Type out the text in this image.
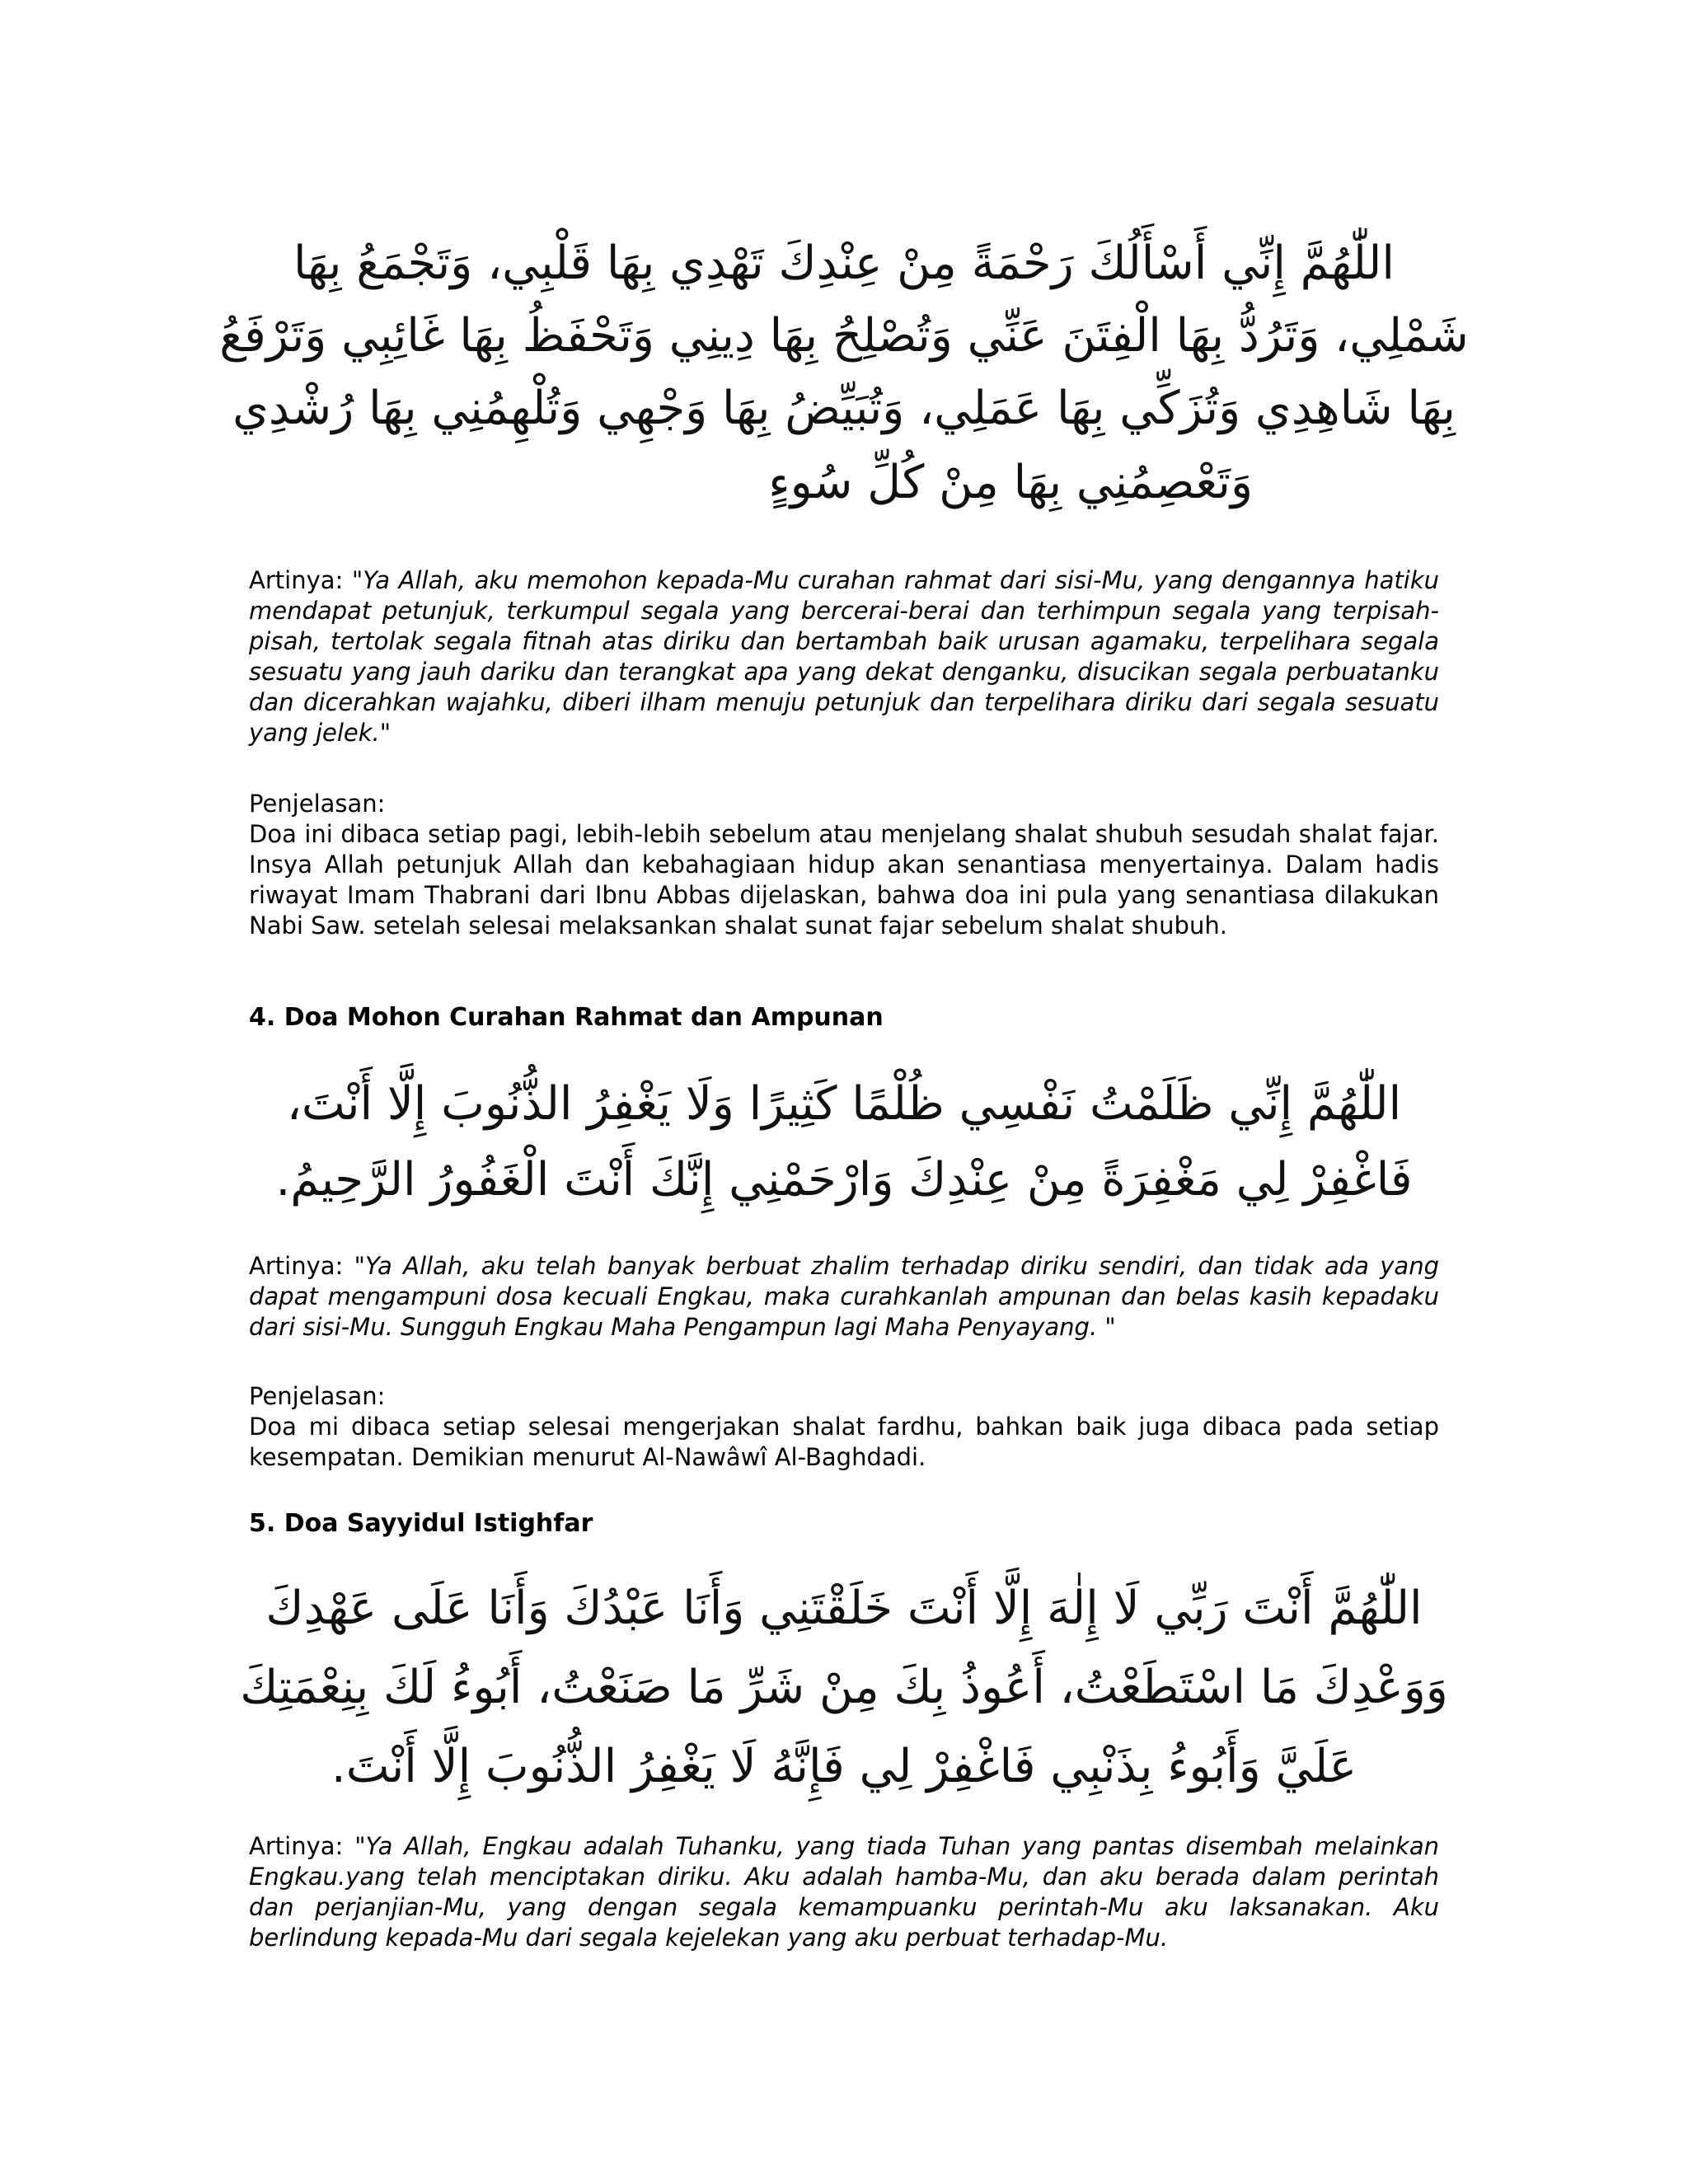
اللّٰهُمَّ إِنِّي أَسْأَلُكَ رَحْمَةً مِنْ عِنْدِكَ تَهْدِي بِهَا قَلْبِي، وَتَجْمَعُ بِهَا
شَمْلِي، وَتَرُدُّ بِهَا الْفِتَنَ عَنِّي وَتُصْلِحُ بِهَا دِينِي وَتَحْفَظُ بِهَا غَائِبِي وَتَرْفَعُ
بِهَا شَاهِدِي وَتُزَكِّي بِهَا عَمَلِي، وَتُبَيِّضُ بِهَا وَجْهِي وَتُلْهِمُنِي بِهَا رُشْدِي
وَتَعْصِمُنِي بِهَا مِنْ كُلِّ سُوءٍ
Artinya: "Ya Allah, aku memohon kepada-Mu curahan rahmat dari sisi-Mu, yang dengannya hatiku mendapat petunjuk, terkumpul segala yang bercerai-berai dan terhimpun segala yang terpisah-pisah, tertolak segala fitnah atas diriku dan bertambah baik urusan agamaku, terpelihara segala sesuatu yang jauh dariku dan terangkat apa yang dekat denganku, disucikan segala perbuatanku dan dicerahkan wajahku, diberi ilham menuju petunjuk dan terpelihara diriku dari segala sesuatu yang jelek."
Penjelasan:
Doa ini dibaca setiap pagi, lebih-lebih sebelum atau menjelang shalat shubuh sesudah shalat fajar. Insya Allah petunjuk Allah dan kebahagiaan hidup akan senantiasa menyertainya. Dalam hadis riwayat Imam Thabrani dari Ibnu Abbas dijelaskan, bahwa doa ini pula yang senantiasa dilakukan Nabi Saw. setelah selesai melaksankan shalat sunat fajar sebelum shalat shubuh.
4. Doa Mohon Curahan Rahmat dan Ampunan
اللّٰهُمَّ إِنِّي ظَلَمْتُ نَفْسِي ظُلْمًا كَثِيرًا وَلَا يَغْفِرُ الذُّنُوبَ إِلَّا أَنْتَ،
فَاغْفِرْ لِي مَغْفِرَةً مِنْ عِنْدِكَ وَارْحَمْنِي إِنَّكَ أَنْتَ الْغَفُورُ الرَّحِيمُ.
Artinya: "Ya Allah, aku telah banyak berbuat zhalim terhadap diriku sendiri, dan tidak ada yang dapat mengampuni dosa kecuali Engkau, maka curahkanlah ampunan dan belas kasih kepadaku dari sisi-Mu. Sungguh Engkau Maha Pengampun lagi Maha Penyayang. "
Penjelasan:
Doa mi dibaca setiap selesai mengerjakan shalat fardhu, bahkan baik juga dibaca pada setiap kesempatan. Demikian menurut Al-Nawâwî Al-Baghdadi.
5. Doa Sayyidul Istighfar
اللّٰهُمَّ أَنْتَ رَبِّي لَا إِلٰهَ إِلَّا أَنْتَ خَلَقْتَنِي وَأَنَا عَبْدُكَ وَأَنَا عَلَى عَهْدِكَ
وَوَعْدِكَ مَا اسْتَطَعْتُ، أَعُوذُ بِكَ مِنْ شَرِّ مَا صَنَعْتُ، أَبُوءُ لَكَ بِنِعْمَتِكَ
عَلَيَّ وَأَبُوءُ بِذَنْبِي فَاغْفِرْ لِي فَإِنَّهُ لَا يَغْفِرُ الذُّنُوبَ إِلَّا أَنْتَ.
Artinya: "Ya Allah, Engkau adalah Tuhanku, yang tiada Tuhan yang pantas disembah melainkan Engkau.yang telah menciptakan diriku. Aku adalah hamba-Mu, dan aku berada dalam perintah dan perjanjian-Mu, yang dengan segala kemampuanku perintah-Mu aku laksanakan. Aku berlindung kepada-Mu dari segala kejelekan yang aku perbuat terhadap-Mu.
